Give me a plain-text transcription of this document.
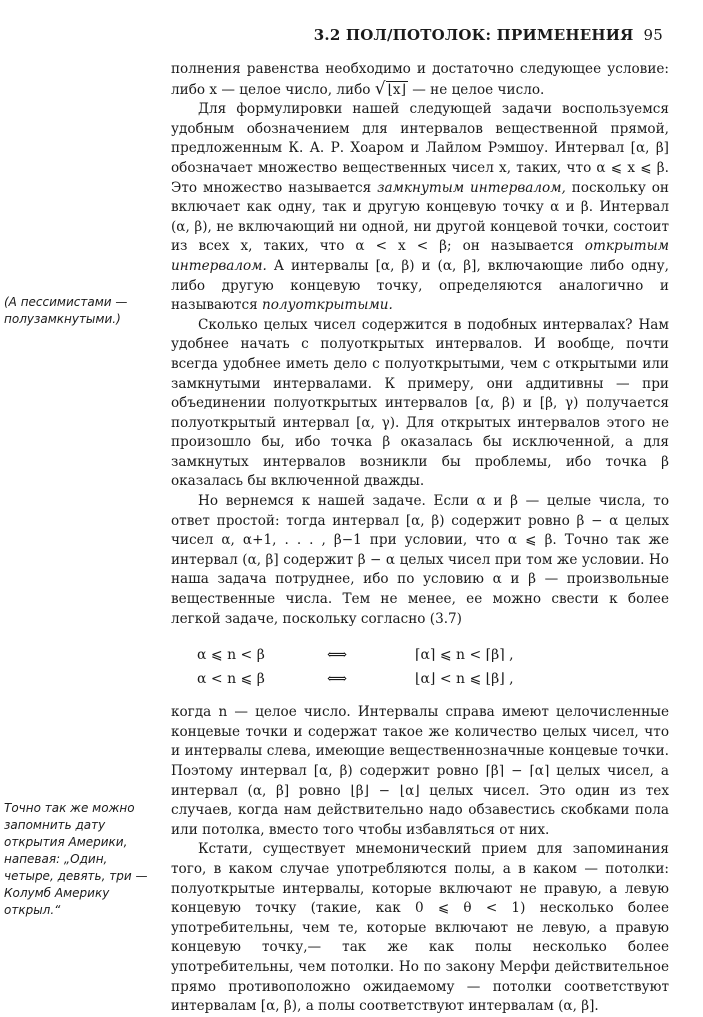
3.2 ПОЛ/ПОТОЛОК: ПРИМЕНЕНИЯ 95

(А пессимистами — полузамкнутыми.)

Точно так же можно запомнить дату открытия Америки, напевая: „Один, четыре, девять, три — Колумб Америку открыл.“

полнения равенства необходимо и достаточно следующее условие: либо x — целое число, либо √ ⌊x⌋ — не целое число.

Для формулировки нашей следующей задачи воспользуемся удобным обозначением для интервалов вещественной прямой, предложенным К. А. Р. Хоаром и Лайлом Рэмшоу. Интервал [α, β] обозначает множество вещественных чисел x, таких, что α ⩽ x ⩽ β. Это множество называется замкнутым интервалом, поскольку он включает как одну, так и другую концевую точку α и β. Интервал (α, β), не включающий ни одной, ни другой концевой точки, состоит из всех x, таких, что α < x < β; он называется открытым интервалом. А интервалы [α, β) и (α, β], включающие либо одну, либо другую концевую точку, определяются аналогично и называются полуоткрытыми.

Сколько целых чисел содержится в подобных интервалах? Нам удобнее начать с полуоткрытых интервалов. И вообще, почти всегда удобнее иметь дело с полуоткрытыми, чем с открытыми или замкнутыми интервалами. К примеру, они аддитивны — при объединении полуоткрытых интервалов [α, β) и [β, γ) получается полуоткрытый интервал [α, γ). Для открытых интервалов этого не произошло бы, ибо точка β оказалась бы исключенной, а для замкнутых интервалов возникли бы проблемы, ибо точка β оказалась бы включенной дважды.

Но вернемся к нашей задаче. Если α и β — целые числа, то ответ простой: тогда интервал [α, β) содержит ровно β − α целых чисел α, α+1, . . . , β−1 при условии, что α ⩽ β. Точно так же интервал (α, β] содержит β − α целых чисел при том же условии. Но наша задача потруднее, ибо по условию α и β — произвольные вещественные числа. Тем не менее, ее можно свести к более легкой задаче, поскольку согласно (3.7)

α ⩽ n < β	⟺	⌈α⌉ ⩽ n < ⌈β⌉ ,
α < n ⩽ β	⟺	⌊α⌋ < n ⩽ ⌊β⌋ ,

когда n — целое число. Интервалы справа имеют целочисленные концевые точки и содержат такое же количество целых чисел, что и интервалы слева, имеющие вещественнозначные концевые точки. Поэтому интервал [α, β) содержит ровно ⌈β⌉ − ⌈α⌉ целых чисел, а интервал (α, β] ровно ⌊β⌋ − ⌊α⌋ целых чисел. Это один из тех случаев, когда нам действительно надо обзавестись скобками пола или потолка, вместо того чтобы избавляться от них.

Кстати, существует мнемонический прием для запоминания того, в каком случае употребляются полы, а в каком — потолки: полуоткрытые интервалы, которые включают не правую, а левую концевую точку (такие, как 0 ⩽ θ < 1) несколько более употребительны, чем те, которые включают не левую, а правую концевую точку,— так же как полы несколько более употребительны, чем потолки. Но по закону Мерфи действительное прямо противоположно ожидаемому — потолки соответствуют интервалам [α, β), а полы соответствуют интервалам (α, β].
